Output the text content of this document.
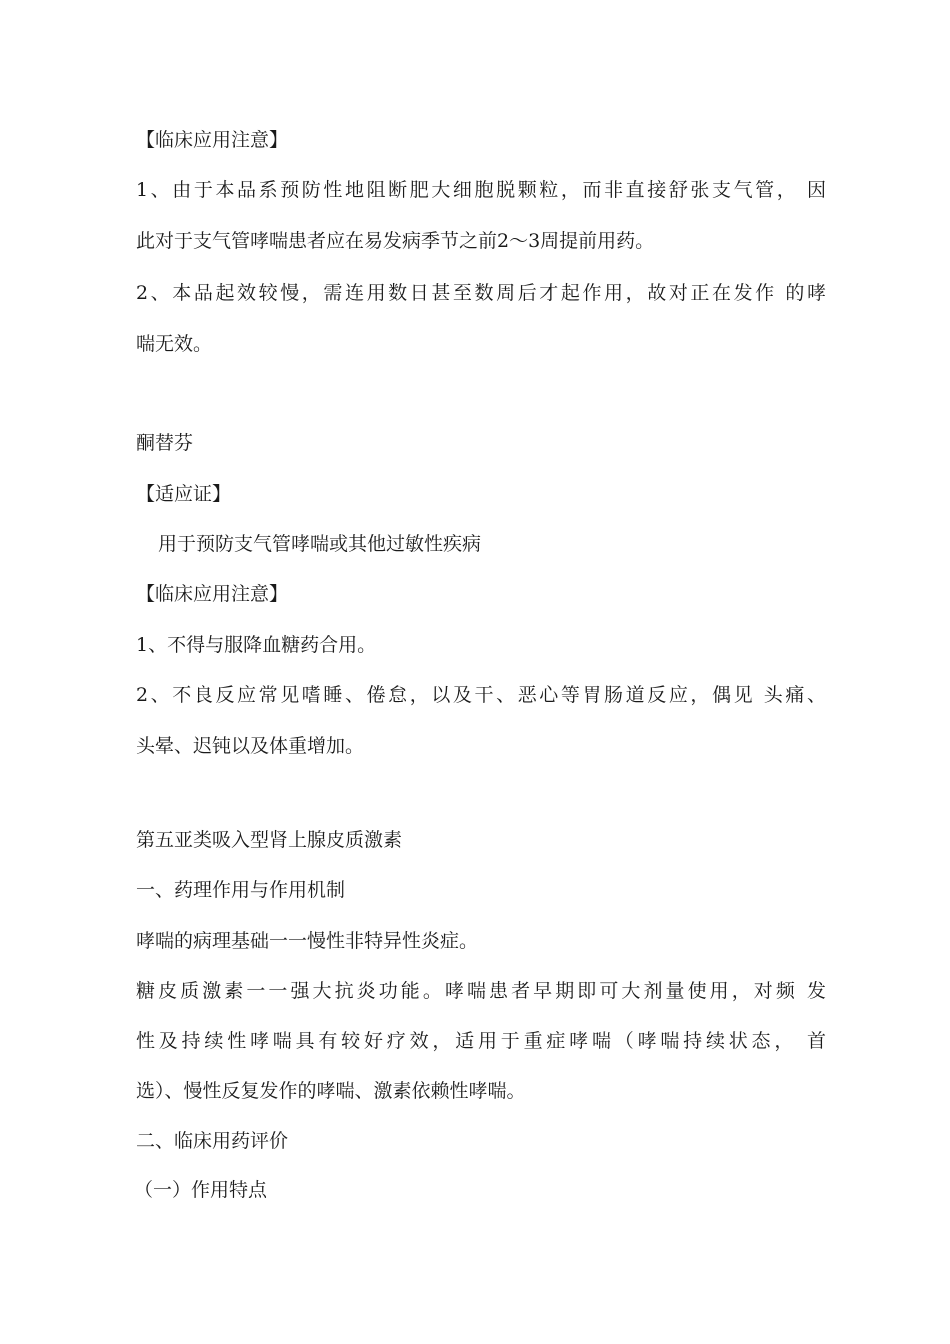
【临床应用注意】
1、由于本品系预防性地阻断肥大细胞脱颗粒，而非直接舒张支气管， 因
此对于支气管哮喘患者应在易发病季节之前2〜3周提前用药。
2、本品起效较慢，需连用数日甚至数周后才起作用，故对正在发作 的哮
喘无效。
酮替芬
【适应证】
用于预防支气管哮喘或其他过敏性疾病
【临床应用注意】
1、不得与服降血糖药合用。
2、不良反应常见嗜睡、倦怠，以及干、恶心等胃肠道反应，偶见 头痛、
头晕、迟钝以及体重增加。
第五亚类吸入型肾上腺皮质激素
一、药理作用与作用机制
哮喘的病理基础一一慢性非特异性炎症。
糖皮质激素一一强大抗炎功能。哮喘患者早期即可大剂量使用，对频 发
性及持续性哮喘具有较好疗效，适用于重症哮喘（哮喘持续状态， 首
选）、慢性反复发作的哮喘、激素依赖性哮喘。
二、临床用药评价
（一）作用特点
